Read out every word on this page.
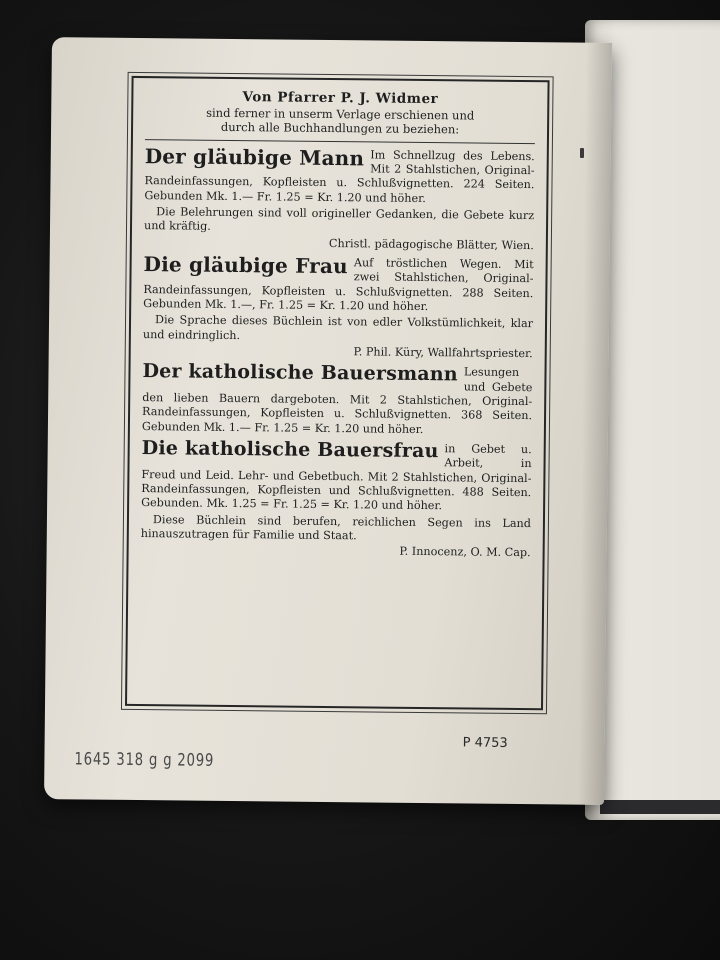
Von Pfarrer P. J. Widmer
sind ferner in unserm Verlage erschienen und
durch alle Buchhandlungen zu beziehen:
Der gläubige Mann Im Schnellzug des Lebens. Mit 2 Stahlstichen, Original-Randeinfassungen, Kopfleisten u. Schlußvignetten. 224 Seiten. Gebunden Mk. 1.— Fr. 1.25 = Kr. 1.20 und höher.
Die Belehrungen sind voll origineller Gedanken, die Gebete kurz und kräftig.
Christl. pädagogische Blätter, Wien.
Die gläubige Frau Auf tröstlichen Wegen. Mit zwei Stahlstichen, Original-Randeinfassungen, Kopfleisten u. Schlußvignetten. 288 Seiten. Gebunden Mk. 1.—, Fr. 1.25 = Kr. 1.20 und höher.
Die Sprache dieses Büchlein ist von edler Volkstümlichkeit, klar und eindringlich.
P. Phil. Küry, Wallfahrtspriester.
Der katholische Bauersmann Lesungen und Gebete den lieben Bauern dargeboten. Mit 2 Stahlstichen, Original-Randeinfassungen, Kopfleisten u. Schlußvignetten. 368 Seiten. Gebunden Mk. 1.— Fr. 1.25 = Kr. 1.20 und höher.
Die katholische Bauersfrau in Gebet u. Arbeit, in Freud und Leid. Lehr- und Gebetbuch. Mit 2 Stahlstichen, Original-Randeinfassungen, Kopfleisten und Schlußvignetten. 488 Seiten. Gebunden. Mk. 1.25 = Fr. 1.25 = Kr. 1.20 und höher.
Diese Büchlein sind berufen, reichlichen Segen ins Land hinauszutragen für Familie und Staat.
P. Innocenz, O. M. Cap.
P 4753
1645 318 g g 2099
